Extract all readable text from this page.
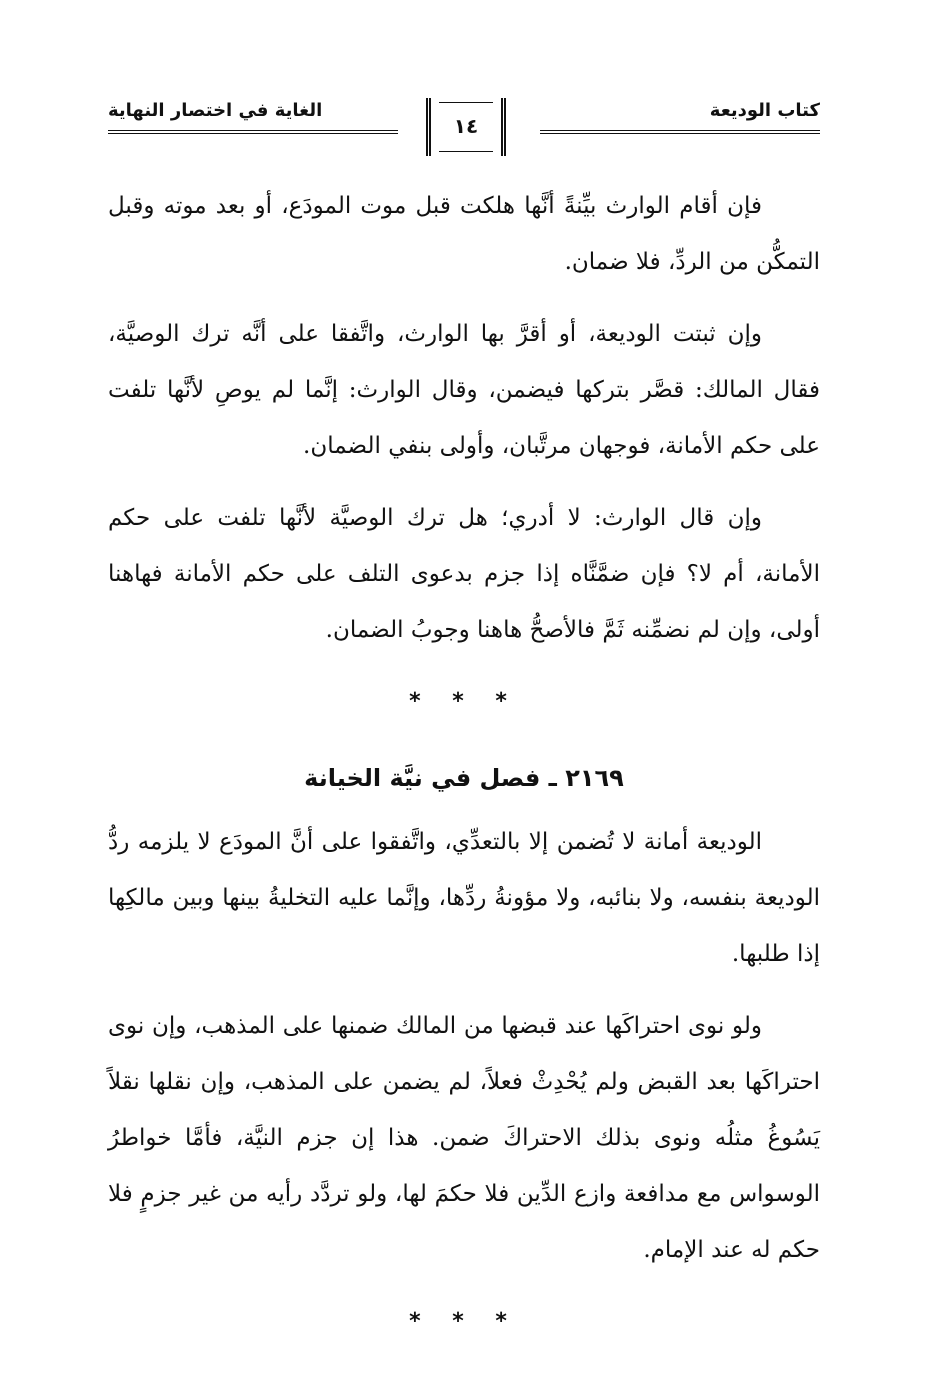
كتاب الوديعة
١٤
الغاية في اختصار النهاية

فإن أقام الوارث بيِّنةً أنَّها هلكت قبل موت المودَع، أو بعد موته وقبل التمكُّن من الردِّ، فلا ضمان.

وإن ثبتت الوديعة، أو أقرَّ بها الوارث، واتَّفقا على أنَّه ترك الوصيَّة، فقال المالك: قصَّر بتركها فيضمن، وقال الوارث: إنَّما لم يوصِ لأنَّها تلفت على حكم الأمانة، فوجهان مرتَّبان، وأولى بنفي الضمان.

وإن قال الوارث: لا أدري؛ هل ترك الوصيَّة لأنَّها تلفت على حكم الأمانة، أم لا؟ فإن ضمَّنَّاه إذا جزم بدعوى التلف على حكم الأمانة فهاهنا أولى، وإن لم نضمِّنه ثَمَّ فالأصحُّ هاهنا وجوبُ الضمان.

* * *
٢١٦٩ ـ فصل في نيَّة الخيانة

الوديعة أمانة لا تُضمن إلا بالتعدِّي، واتَّفقوا على أنَّ المودَع لا يلزمه ردُّ الوديعة بنفسه، ولا بنائبه، ولا مؤونةُ ردِّها، وإنَّما عليه التخليةُ بينها وبين مالكِها إذا طلبها.

ولو نوى احتراكَها عند قبضها من المالك ضمنها على المذهب، وإن نوى احتراكَها بعد القبض ولم يُحْدِثْ فعلاً، لم يضمن على المذهب، وإن نقلها نقلاً يَسُوغُ مثلُه ونوى بذلك الاحتراكَ ضمن. هذا إن جزم النيَّة، فأمَّا خواطرُ الوسواس مع مدافعة وازع الدِّين فلا حكمَ لها، ولو تردَّد رأيه من غير جزمٍ فلا حكم له عند الإمام.

* * *
